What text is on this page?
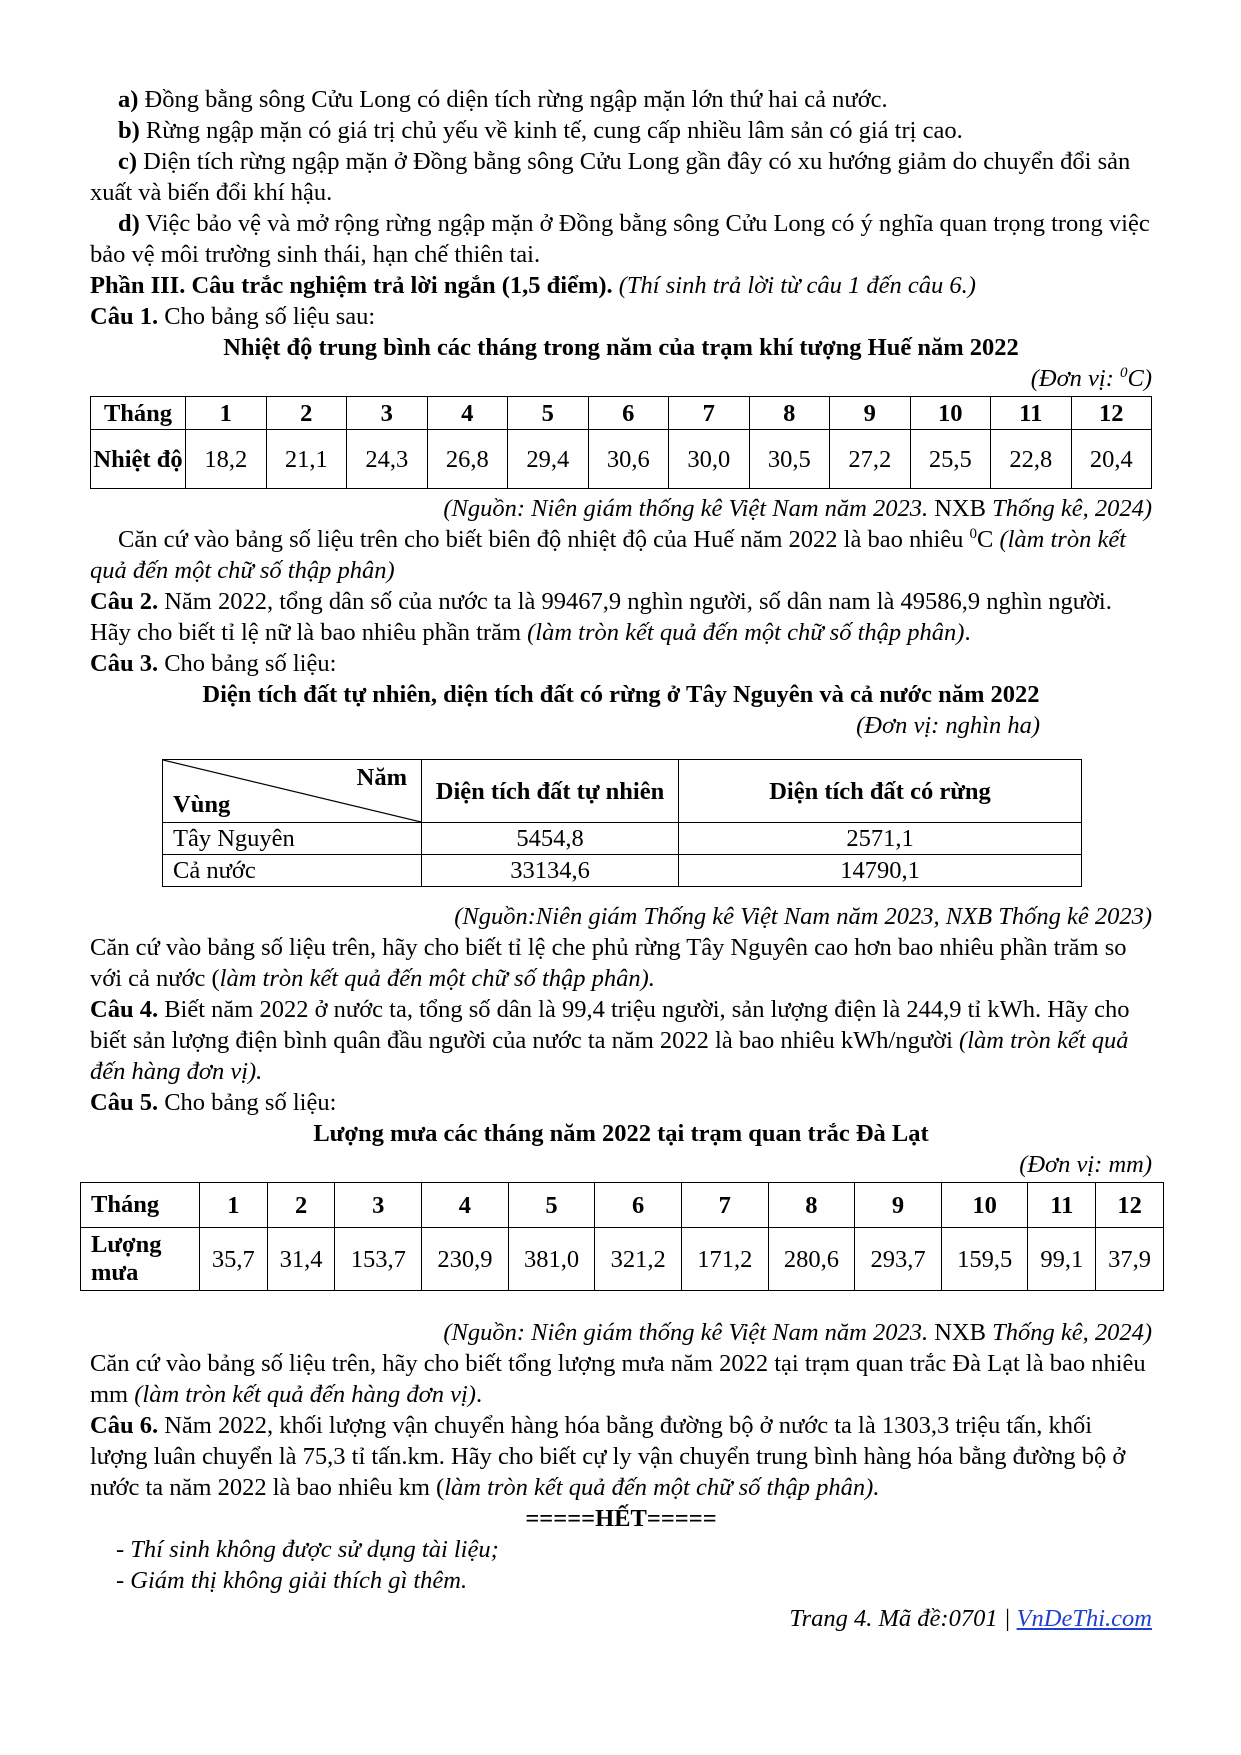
a) Đồng bằng sông Cửu Long có diện tích rừng ngập mặn lớn thứ hai cả nước.

b) Rừng ngập mặn có giá trị chủ yếu về kinh tế, cung cấp nhiều lâm sản có giá trị cao.

c) Diện tích rừng ngập mặn ở Đồng bằng sông Cửu Long gần đây có xu hướng giảm do chuyển đổi sản xuất và biến đổi khí hậu.

d) Việc bảo vệ và mở rộng rừng ngập mặn ở Đồng bằng sông Cửu Long có ý nghĩa quan trọng trong việc bảo vệ môi trường sinh thái, hạn chế thiên tai.

Phần III. Câu trắc nghiệm trả lời ngắn (1,5 điểm). (Thí sinh trả lời từ câu 1 đến câu 6.)

Câu 1. Cho bảng số liệu sau:

Nhiệt độ trung bình các tháng trong năm của trạm khí tượng Huế năm 2022

(Đơn vị: $^0$C)

Tháng	1	2	3	4	5	6	7	8	9	10	11	12
Nhiệt độ	18,2	21,1	24,3	26,8	29,4	30,6	30,0	30,5	27,2	25,5	22,8	20,4

(Nguồn: Niên giám thống kê Việt Nam năm 2023. NXB Thống kê, 2024)

Căn cứ vào bảng số liệu trên cho biết biên độ nhiệt độ của Huế năm 2022 là bao nhiêu $^0$C (làm tròn kết quả đến một chữ số thập phân)

Câu 2. Năm 2022, tổng dân số của nước ta là 99467,9 nghìn người, số dân nam là 49586,9 nghìn người. Hãy cho biết tỉ lệ nữ là bao nhiêu phần trăm (làm tròn kết quả đến một chữ số thập phân).

Câu 3. Cho bảng số liệu:

Diện tích đất tự nhiên, diện tích đất có rừng ở Tây Nguyên và cả nước năm 2022

(Đơn vị: nghìn ha)

Năm
Vùng	Diện tích đất tự nhiên	Diện tích đất có rừng
Tây Nguyên	5454,8	2571,1
Cả nước	33134,6	14790,1

(Nguồn:Niên giám Thống kê Việt Nam năm 2023, NXB Thống kê 2023)

Căn cứ vào bảng số liệu trên, hãy cho biết tỉ lệ che phủ rừng Tây Nguyên cao hơn bao nhiêu phần trăm so với cả nước (làm tròn kết quả đến một chữ số thập phân).

Câu 4. Biết năm 2022 ở nước ta, tổng số dân là 99,4 triệu người, sản lượng điện là 244,9 tỉ kWh. Hãy cho biết sản lượng điện bình quân đầu người của nước ta năm 2022 là bao nhiêu kWh/người (làm tròn kết quả đến hàng đơn vị).

Câu 5. Cho bảng số liệu:

Lượng mưa các tháng năm 2022 tại trạm quan trắc Đà Lạt

(Đơn vị: mm)

Tháng	1	2	3	4	5	6	7	8	9	10	11	12
Lượng mưa	35,7	31,4	153,7	230,9	381,0	321,2	171,2	280,6	293,7	159,5	99,1	37,9

(Nguồn: Niên giám thống kê Việt Nam năm 2023. NXB Thống kê, 2024)

Căn cứ vào bảng số liệu trên, hãy cho biết tổng lượng mưa năm 2022 tại trạm quan trắc Đà Lạt là bao nhiêu mm (làm tròn kết quả đến hàng đơn vị).

Câu 6. Năm 2022, khối lượng vận chuyển hàng hóa bằng đường bộ ở nước ta là 1303,3 triệu tấn, khối lượng luân chuyển là 75,3 tỉ tấn.km. Hãy cho biết cự ly vận chuyển trung bình hàng hóa bằng đường bộ ở nước ta năm 2022 là bao nhiêu km (làm tròn kết quả đến một chữ số thập phân).

=====HẾT=====

- Thí sinh không được sử dụng tài liệu;

- Giám thị không giải thích gì thêm.

Trang 4. Mã đề:0701 | VnDeThi.com
